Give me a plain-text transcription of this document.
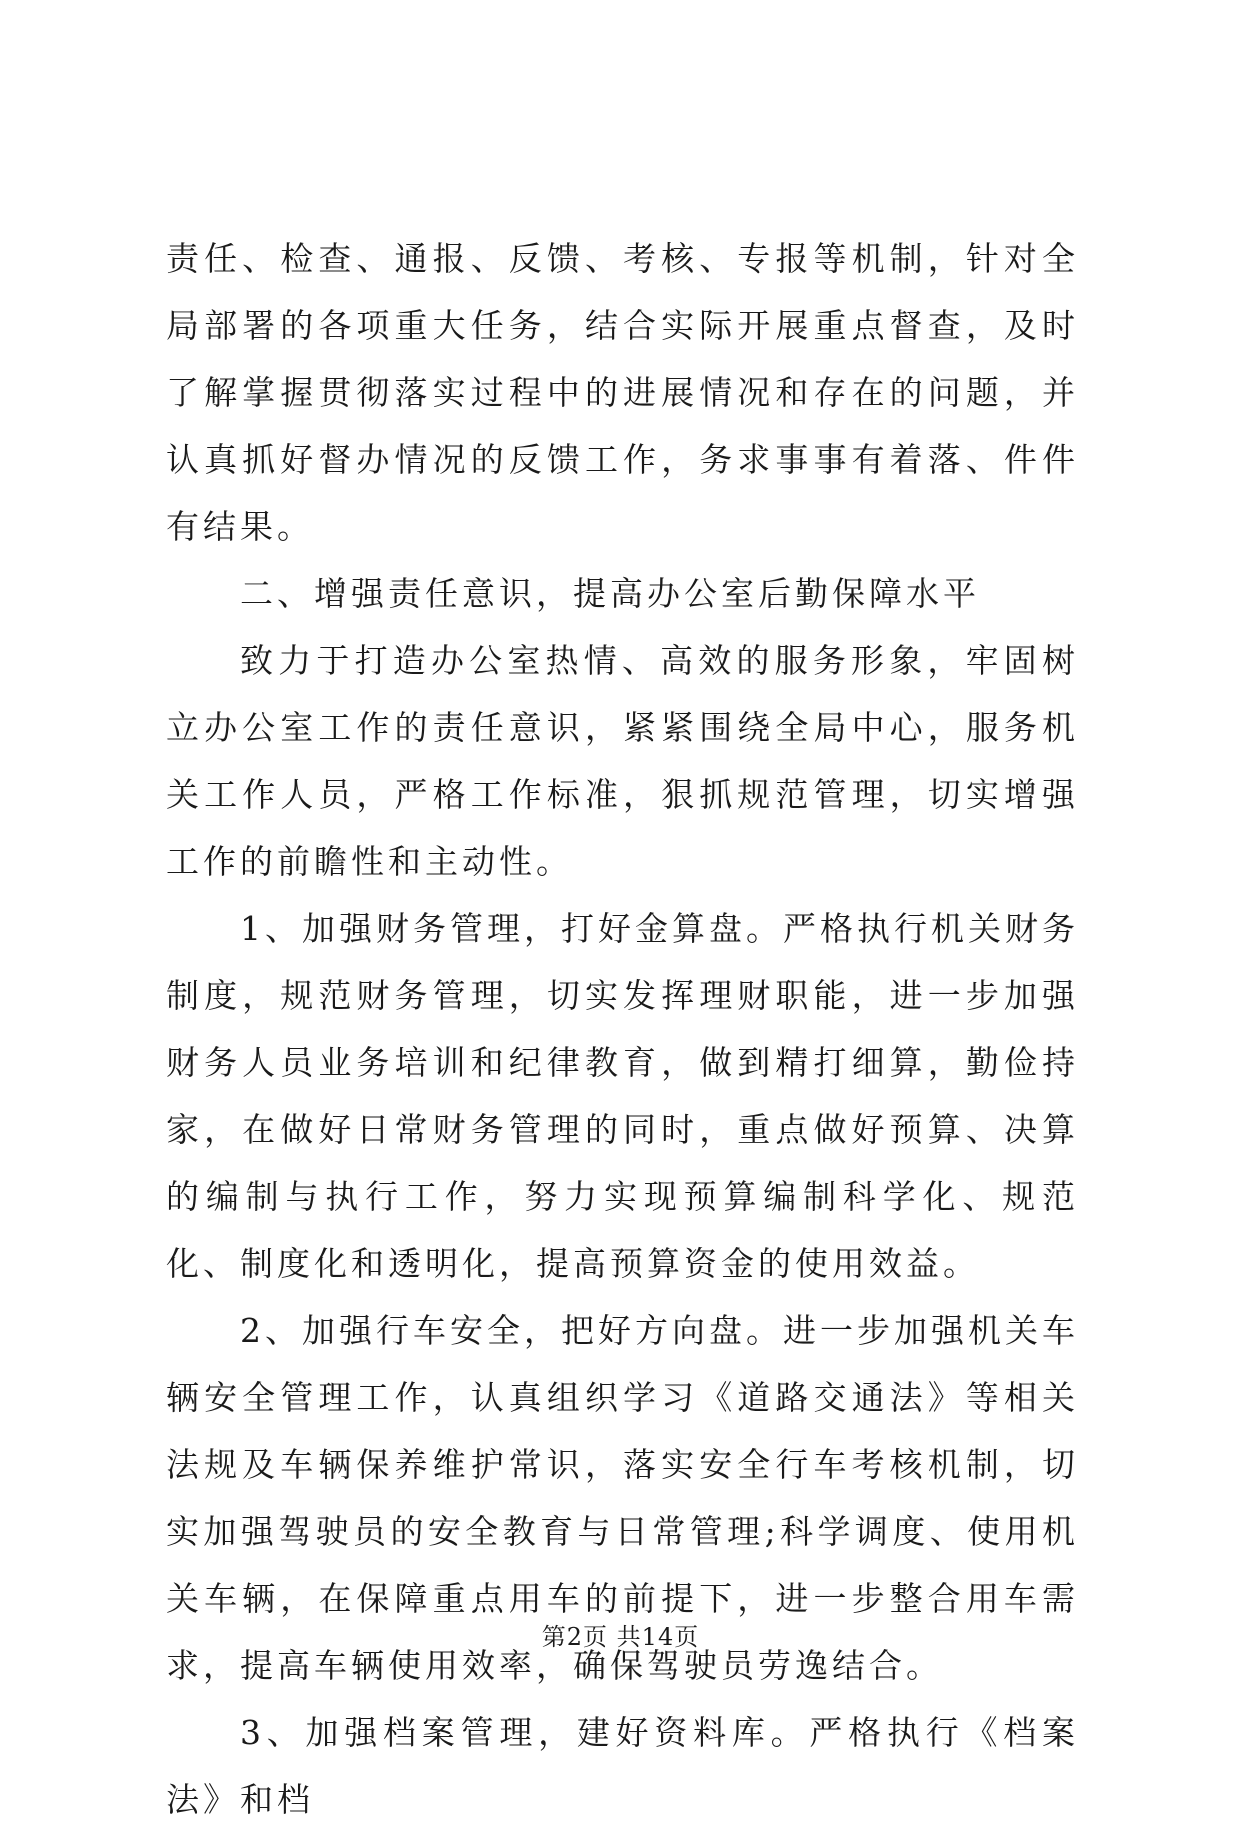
责任、检查、通报、反馈、考核、专报等机制，针对全局部署的各项重大任务，结合实际开展重点督查，及时了解掌握贯彻落实过程中的进展情况和存在的问题，并认真抓好督办情况的反馈工作，务求事事有着落、件件有结果。

二、增强责任意识，提高办公室后勤保障水平

致力于打造办公室热情、高效的服务形象，牢固树立办公室工作的责任意识，紧紧围绕全局中心，服务机关工作人员，严格工作标准，狠抓规范管理，切实增强工作的前瞻性和主动性。

1、加强财务管理，打好金算盘。严格执行机关财务制度，规范财务管理，切实发挥理财职能，进一步加强财务人员业务培训和纪律教育，做到精打细算，勤俭持家，在做好日常财务管理的同时，重点做好预算、决算的编制与执行工作，努力实现预算编制科学化、规范化、制度化和透明化，提高预算资金的使用效益。

2、加强行车安全，把好方向盘。进一步加强机关车辆安全管理工作，认真组织学习《道路交通法》等相关法规及车辆保养维护常识，落实安全行车考核机制，切实加强驾驶员的安全教育与日常管理;科学调度、使用机关车辆，在保障重点用车的前提下，进一步整合用车需求，提高车辆使用效率，确保驾驶员劳逸结合。

3、加强档案管理，建好资料库。严格执行《档案法》和档

第2页 共14页
